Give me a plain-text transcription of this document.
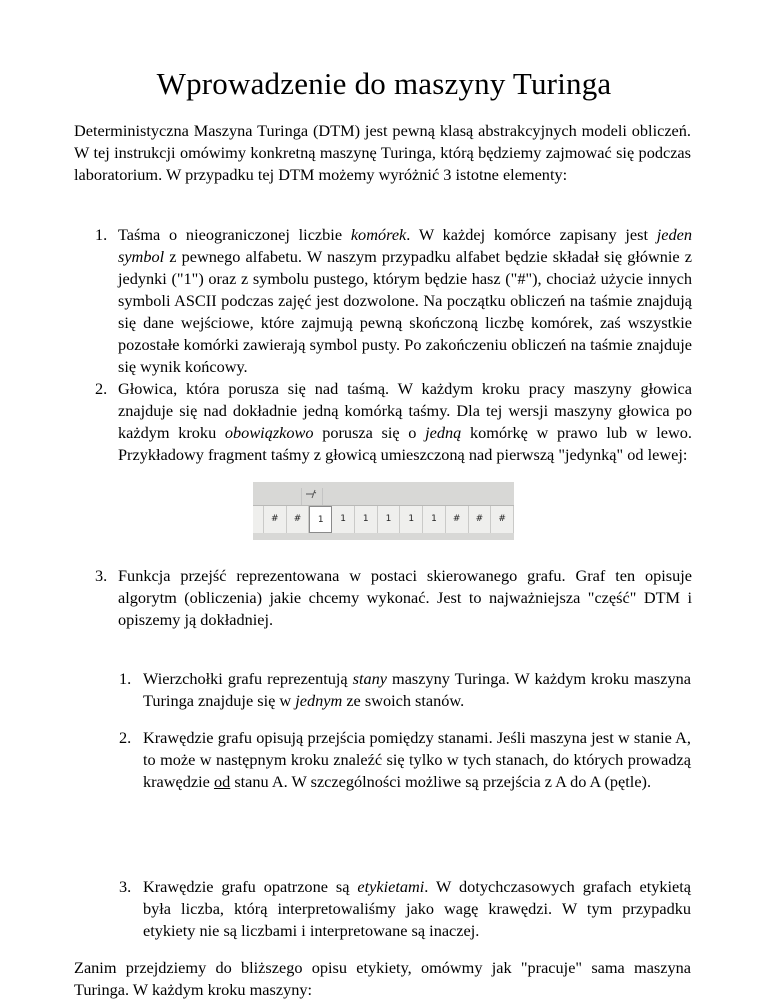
Wprowadzenie do maszyny Turinga

Deterministyczna Maszyna Turinga (DTM) jest pewną klasą abstrakcyjnych modeli obliczeń. W tej instrukcji omówimy konkretną maszynę Turinga, którą będziemy zajmować się podczas laboratorium. W przypadku tej DTM możemy wyróżnić 3 istotne elementy:

1. Taśma o nieograniczonej liczbie komórek. W każdej komórce zapisany jest jeden symbol z pewnego alfabetu. W naszym przypadku alfabet będzie składał się głównie z jedynki ("1") oraz z symbolu pustego, którym będzie hasz ("#"), chociaż użycie innych symboli ASCII podczas zajęć jest dozwolone. Na początku obliczeń na taśmie znajdują się dane wejściowe, które zajmują pewną skończoną liczbę komórek, zaś wszystkie pozostałe komórki zawierają symbol pusty. Po zakończeniu obliczeń na taśmie znajduje się wynik końcowy.

2. Głowica, która porusza się nad taśmą. W każdym kroku pracy maszyny głowica znajduje się nad dokładnie jedną komórką taśmy. Dla tej wersji maszyny głowica po każdym kroku obowiązkowo porusza się o jedną komórkę w prawo lub w lewo. Przykładowy fragment taśmy z głowicą umieszczoną nad pierwszą "jedynką" od lewej:

#	#	1	1	1	1	1	1	#	#	#
3. Funkcja przejść reprezentowana w postaci skierowanego grafu. Graf ten opisuje algorytm (obliczenia) jakie chcemy wykonać. Jest to najważniejsza "część" DTM i opiszemy ją dokładniej.

1. Wierzchołki grafu reprezentują stany maszyny Turinga. W każdym kroku maszyna Turinga znajduje się w jednym ze swoich stanów.

2. Krawędzie grafu opisują przejścia pomiędzy stanami. Jeśli maszyna jest w stanie A, to może w następnym kroku znaleźć się tylko w tych stanach, do których prowadzą krawędzie od stanu A. W szczególności możliwe są przejścia z A do A (pętle).

3. Krawędzie grafu opatrzone są etykietami. W dotychczasowych grafach etykietą była liczba, którą interpretowaliśmy jako wagę krawędzi. W tym przypadku etykiety nie są liczbami i interpretowane są inaczej.

Zanim przejdziemy do bliższego opisu etykiety, omówmy jak "pracuje" sama maszyna Turinga. W każdym kroku maszyny:
